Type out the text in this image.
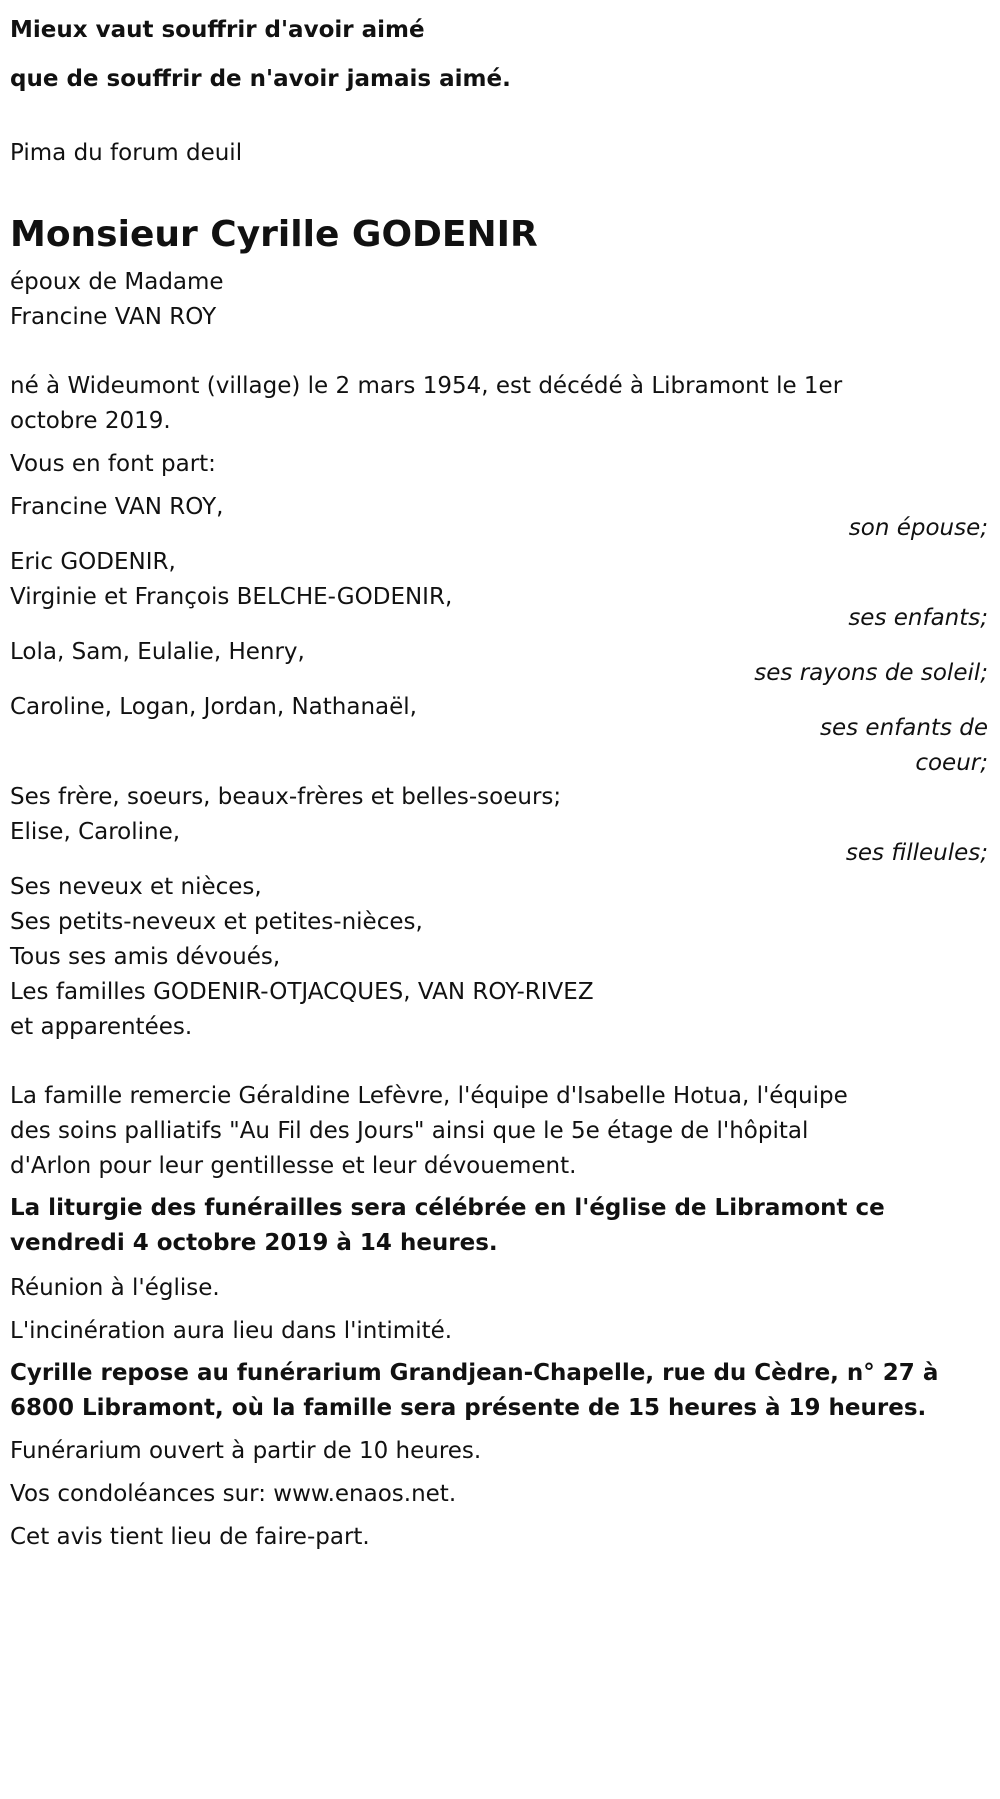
Mieux vaut souffrir d'avoir aimé
que de souffrir de n'avoir jamais aimé.
Pima du forum deuil
Monsieur Cyrille GODENIR
époux de Madame
Francine VAN ROY
né à Wideumont (village) le 2 mars 1954, est décédé à Libramont le 1er
octobre 2019.
Vous en font part:
Francine VAN ROY,
son épouse;
Eric GODENIR,
Virginie et François BELCHE-GODENIR,
ses enfants;
Lola, Sam, Eulalie, Henry,
ses rayons de soleil;
Caroline, Logan, Jordan, Nathanaël,
ses enfants de
coeur;
Ses frère, soeurs, beaux-frères et belles-soeurs;
Elise, Caroline,
ses filleules;
Ses neveux et nièces,
Ses petits-neveux et petites-nièces,
Tous ses amis dévoués,
Les familles GODENIR-OTJACQUES, VAN ROY-RIVEZ
et apparentées.
La famille remercie Géraldine Lefèvre, l'équipe d'Isabelle Hotua, l'équipe
des soins palliatifs "Au Fil des Jours" ainsi que le 5e étage de l'hôpital
d'Arlon pour leur gentillesse et leur dévouement.
La liturgie des funérailles sera célébrée en l'église de Libramont ce
vendredi 4 octobre 2019 à 14 heures.
Réunion à l'église.
L'incinération aura lieu dans l'intimité.
Cyrille repose au funérarium Grandjean-Chapelle, rue du Cèdre, n° 27 à
6800 Libramont, où la famille sera présente de 15 heures à 19 heures.
Funérarium ouvert à partir de 10 heures.
Vos condoléances sur: www.enaos.net.
Cet avis tient lieu de faire-part.
